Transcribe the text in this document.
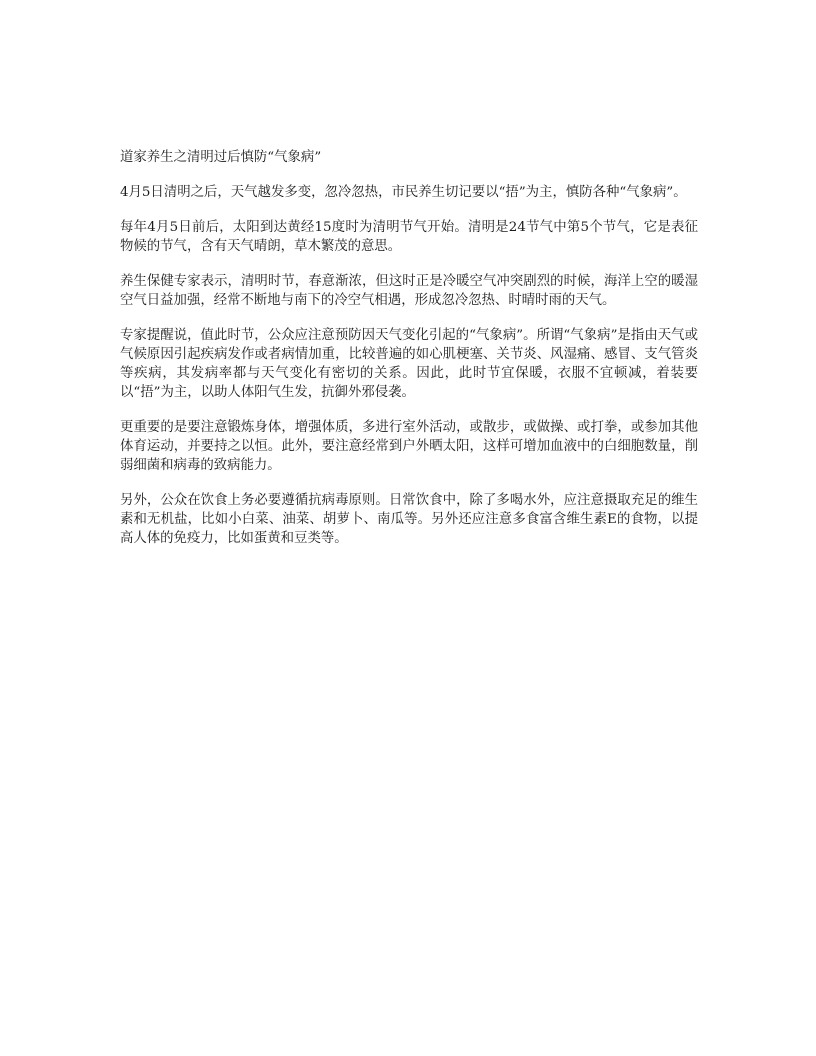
道家养生之清明过后慎防“气象病”

4月5日清明之后，天气越发多变，忽冷忽热，市民养生切记要以“捂”为主，慎防各种“气象病”。

每年4月5日前后，太阳到达黄经15度时为清明节气开始。清明是24节气中第5个节气，它是表征物候的节气，含有天气晴朗，草木繁茂的意思。

养生保健专家表示，清明时节，春意渐浓，但这时正是冷暖空气冲突剧烈的时候，海洋上空的暖湿空气日益加强，经常不断地与南下的冷空气相遇，形成忽冷忽热、时晴时雨的天气。

专家提醒说，值此时节，公众应注意预防因天气变化引起的“气象病”。所谓“气象病”是指由天气或气候原因引起疾病发作或者病情加重，比较普遍的如心肌梗塞、关节炎、风湿痛、感冒、支气管炎等疾病，其发病率都与天气变化有密切的关系。因此，此时节宜保暖，衣服不宜顿减，着装要以“捂”为主，以助人体阳气生发，抗御外邪侵袭。

更重要的是要注意锻炼身体，增强体质，多进行室外活动，或散步，或做操、或打拳，或参加其他体育运动，并要持之以恒。此外，要注意经常到户外晒太阳，这样可增加血液中的白细胞数量，削弱细菌和病毒的致病能力。

另外，公众在饮食上务必要遵循抗病毒原则。日常饮食中，除了多喝水外，应注意摄取充足的维生素和无机盐，比如小白菜、油菜、胡萝卜、南瓜等。另外还应注意多食富含维生素E的食物，以提高人体的免疫力，比如蛋黄和豆类等。
